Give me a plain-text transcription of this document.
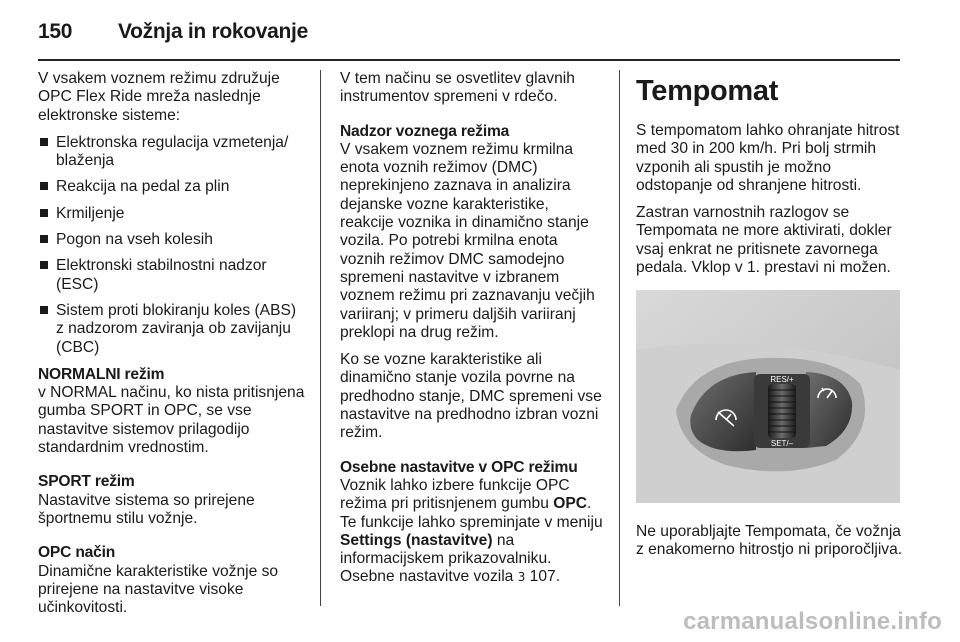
150 Vožnja in rokovanje

V vsakem voznem režimu združuje OPC Flex Ride mreža naslednje elektronske sisteme:

Elektronska regulacija vzmetenja/ blaženja
Reakcija na pedal za plin
Krmiljenje
Pogon na vseh kolesih
Elektronski stabilnostni nadzor (ESC)
Sistem proti blokiranju koles (ABS) z nadzorom zaviranja ob zavijanju (CBC)
NORMALNI režim

v NORMAL načinu, ko nista pritisnjena gumba SPORT in OPC, se vse nastavitve sistemov prilagodijo standardnim vrednostim.

SPORT režim

Nastavitve sistema so prirejene športnemu stilu vožnje.

OPC način

Dinamične karakteristike vožnje so prirejene na nastavitve visoke učinkovitosti.

V tem načinu se osvetlitev glavnih instrumentov spremeni v rdečo.

Nadzor voznega režima

V vsakem voznem režimu krmilna enota voznih režimov (DMC) neprekinjeno zaznava in analizira dejanske vozne karakteristike, reakcije voznika in dinamično stanje vozila. Po potrebi krmilna enota voznih režimov DMC samodejno spremeni nastavitve v izbranem voznem režimu pri zaznavanju večjih variiranj; v primeru daljših variiranj preklopi na drug režim.

Ko se vozne karakteristike ali dinamično stanje vozila povrne na predhodno stanje, DMC spremeni vse nastavitve na predhodno izbran vozni režim.

Osebne nastavitve v OPC režimu

Voznik lahko izbere funkcije OPC režima pri pritisnjenem gumbu OPC. Te funkcije lahko spreminjate v meniju Settings (nastavitve) na informacijskem prikazovalniku. Osebne nastavitve vozila 3 107.

Tempomat

S tempomatom lahko ohranjate hitrost med 30 in 200 km/h. Pri bolj strmih vzponih ali spustih je možno odstopanje od shranjene hitrosti.

Zastran varnostnih razlogov se Tempomata ne more aktivirati, dokler vsaj enkrat ne pritisnete zavornega pedala. Vklop v 1. prestavi ni možen.

RES/+
SET/–

Ne uporabljajte Tempomata, če vožnja z enakomerno hitrostjo ni priporočljiva.

carmanualsonline.info
